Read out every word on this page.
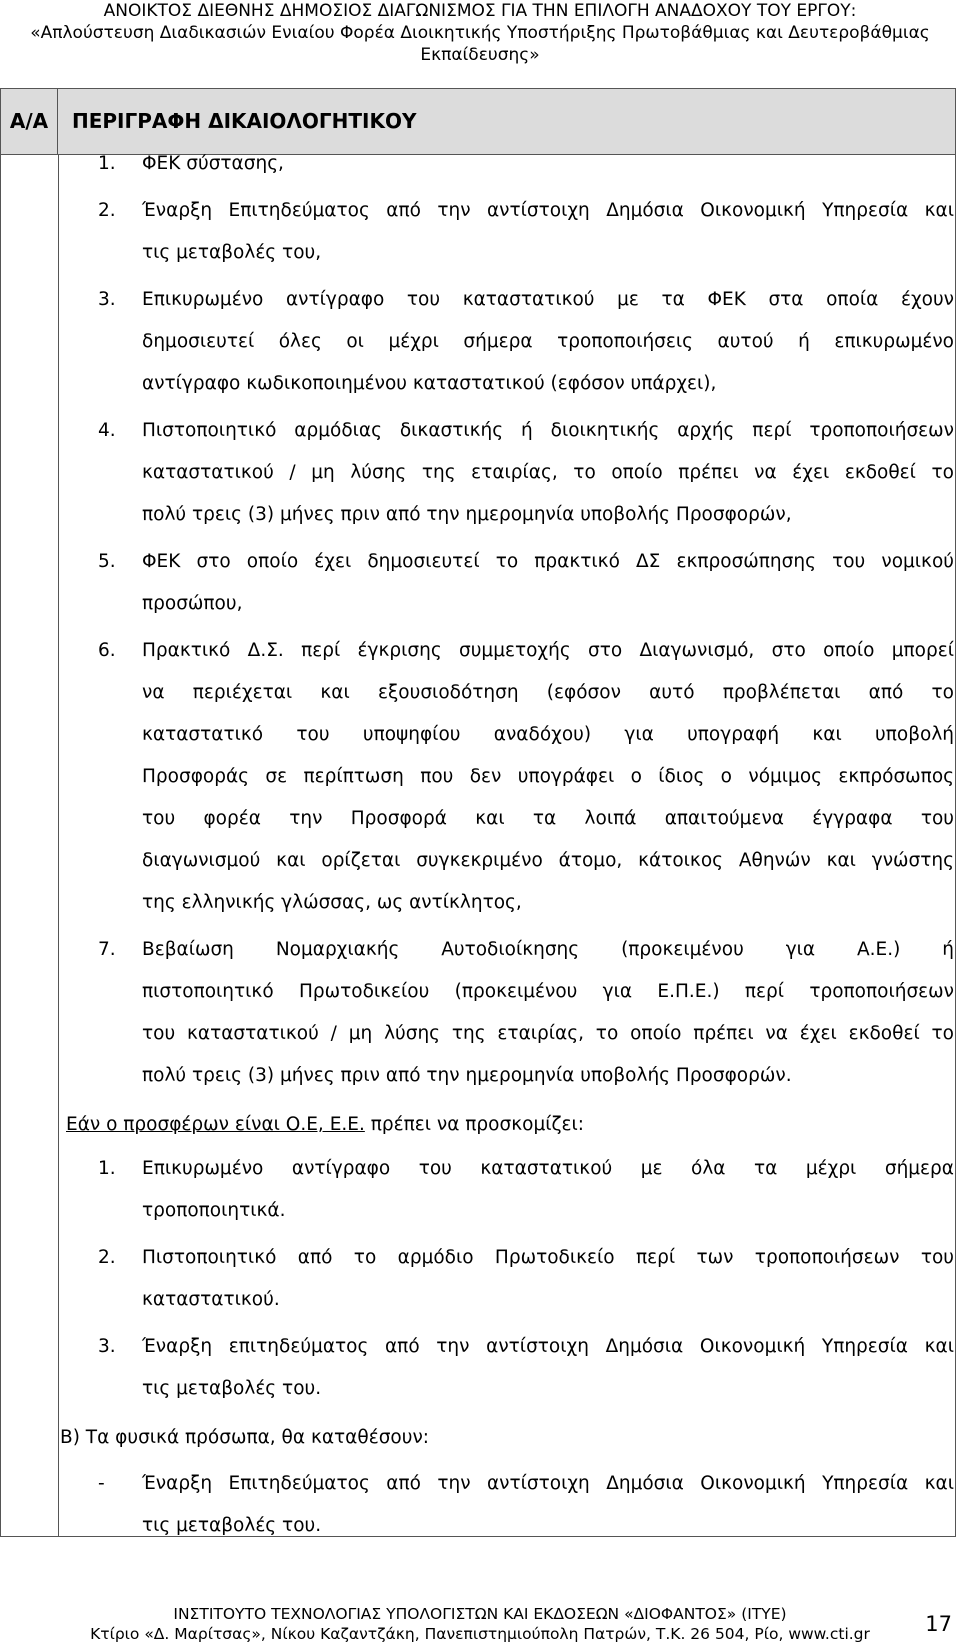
ΑΝΟΙΚΤΟΣ ΔΙΕΘΝΗΣ ΔΗΜΟΣΙΟΣ ΔΙΑΓΩΝΙΣΜΟΣ ΓΙΑ ΤΗΝ ΕΠΙΛΟΓΗ ΑΝΑΔΟΧΟΥ ΤΟΥ ΕΡΓΟΥ:
«Απλούστευση Διαδικασιών Ενιαίου Φορέα Διοικητικής Υποστήριξης Πρωτοβάθμιας και Δευτεροβάθμιας
Εκπαίδευσης»
Α/Α	ΠΕΡΙΓΡΑΦΗ ΔΙΚΑΙΟΛΟΓΗΤΙΚΟΥ
1.	ΦΕΚ σύστασης,
2.	Έναρξη Επιτηδεύματος από την αντίστοιχη Δημόσια Οικονομική Υπηρεσία και
τις μεταβολές του,
3.	Επικυρωμένο αντίγραφο του καταστατικού με τα ΦΕΚ στα οποία έχουν
δημοσιευτεί όλες οι μέχρι σήμερα τροποποιήσεις αυτού ή επικυρωμένο
αντίγραφο κωδικοποιημένου καταστατικού (εφόσον υπάρχει),
4.	Πιστοποιητικό αρμόδιας δικαστικής ή διοικητικής αρχής περί τροποποιήσεων
καταστατικού / μη λύσης της εταιρίας, το οποίο πρέπει να έχει εκδοθεί το
πολύ τρεις (3) μήνες πριν από την ημερομηνία υποβολής Προσφορών,
5.	ΦΕΚ στο οποίο έχει δημοσιευτεί το πρακτικό ΔΣ εκπροσώπησης του νομικού
προσώπου,
6.	Πρακτικό Δ.Σ. περί έγκρισης συμμετοχής στο Διαγωνισμό, στο οποίο μπορεί
να περιέχεται και εξουσιοδότηση (εφόσον αυτό προβλέπεται από το
καταστατικό του υποψηφίου αναδόχου) για υπογραφή και υποβολή
Προσφοράς σε περίπτωση που δεν υπογράφει ο ίδιος ο νόμιμος εκπρόσωπος
του φορέα την Προσφορά και τα λοιπά απαιτούμενα έγγραφα του
διαγωνισμού και ορίζεται συγκεκριμένο άτομο, κάτοικος Αθηνών και γνώστης
της ελληνικής γλώσσας, ως αντίκλητος,
7.	Βεβαίωση Νομαρχιακής Αυτοδιοίκησης (προκειμένου για Α.Ε.) ή
πιστοποιητικό Πρωτοδικείου (προκειμένου για Ε.Π.Ε.) περί τροποποιήσεων
του καταστατικού / μη λύσης της εταιρίας, το οποίο πρέπει να έχει εκδοθεί το
πολύ τρεις (3) μήνες πριν από την ημερομηνία υποβολής Προσφορών.
Εάν ο προσφέρων είναι Ο.Ε, Ε.Ε. πρέπει να προσκομίζει:
1.	Επικυρωμένο αντίγραφο του καταστατικού με όλα τα μέχρι σήμερα
τροποποιητικά.
2.	Πιστοποιητικό από το αρμόδιο Πρωτοδικείο περί των τροποποιήσεων του
καταστατικού.
3.	Έναρξη επιτηδεύματος από την αντίστοιχη Δημόσια Οικονομική Υπηρεσία και
τις μεταβολές του.
Β) Τα φυσικά πρόσωπα, θα καταθέσουν:
-	Έναρξη Επιτηδεύματος από την αντίστοιχη Δημόσια Οικονομική Υπηρεσία και
τις μεταβολές του.
ΙΝΣΤΙΤΟΥΤΟ ΤΕΧΝΟΛΟΓΙΑΣ ΥΠΟΛΟΓΙΣΤΩΝ ΚΑΙ ΕΚΔΟΣΕΩΝ «ΔΙΟΦΑΝΤΟΣ» (ΙΤΥΕ)
Κτίριο «Δ. Μαρίτσας», Νίκου Καζαντζάκη, Πανεπιστημιούπολη Πατρών, Τ.Κ. 26 504, Ρίο, www.cti.gr	17
